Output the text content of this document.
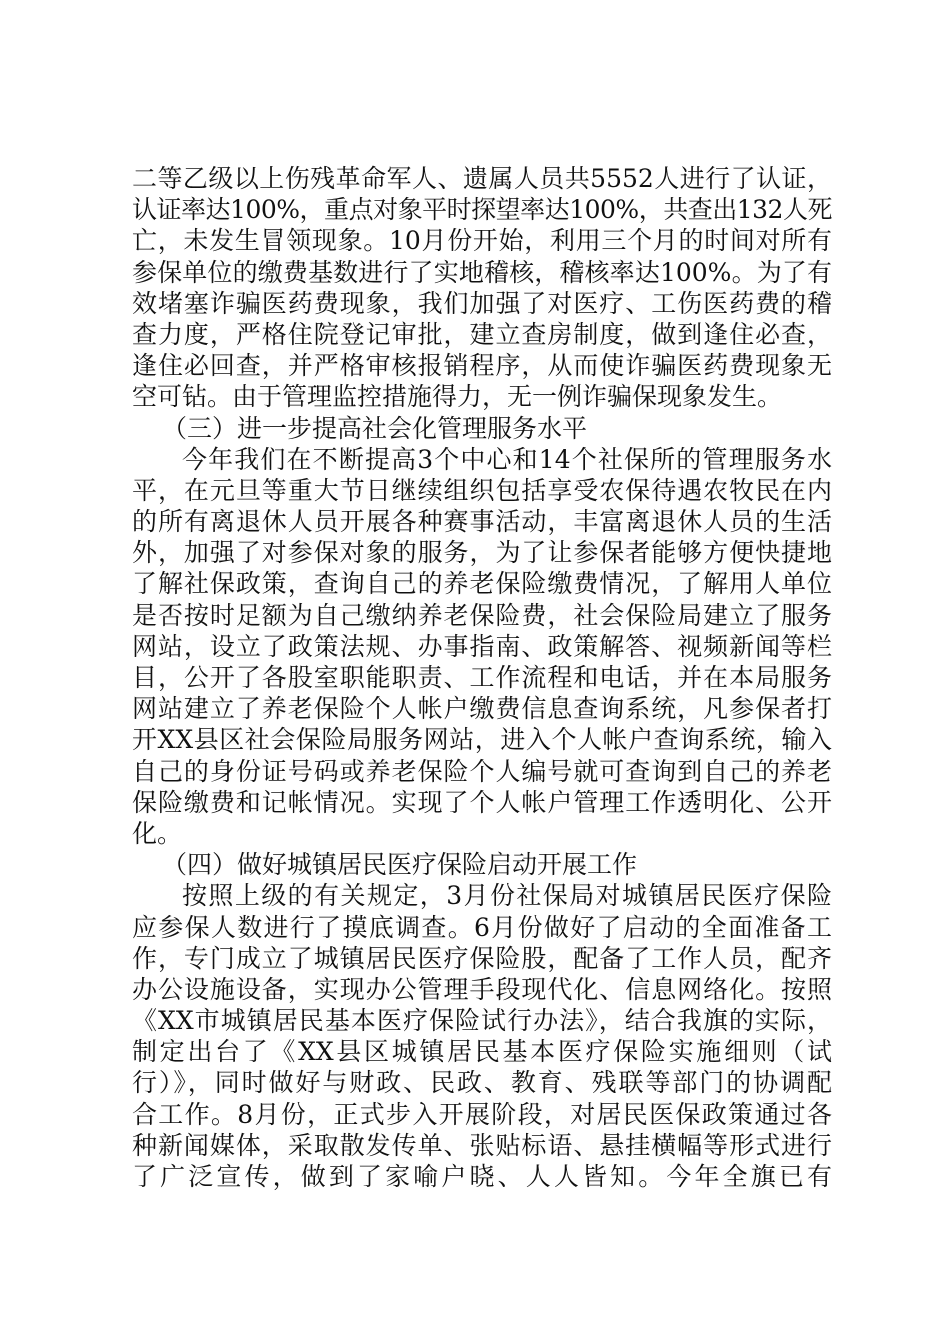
二等乙级以上伤残革命军人、遗属人员共5552人进行了认证，
认证率达100%，重点对象平时探望率达100%，共查出132人死
亡，未发生冒领现象。10月份开始，利用三个月的时间对所有
参保单位的缴费基数进行了实地稽核，稽核率达100%。为了有
效堵塞诈骗医药费现象，我们加强了对医疗、工伤医药费的稽
查力度，严格住院登记审批，建立查房制度，做到逢住必查，
逢住必回查，并严格审核报销程序，从而使诈骗医药费现象无
空可钻。由于管理监控措施得力，无一例诈骗保现象发生。
（三）进一步提高社会化管理服务水平
今年我们在不断提高3个中心和14个社保所的管理服务水
平，在元旦等重大节日继续组织包括享受农保待遇农牧民在内
的所有离退休人员开展各种赛事活动，丰富离退休人员的生活
外，加强了对参保对象的服务，为了让参保者能够方便快捷地
了解社保政策，查询自己的养老保险缴费情况，了解用人单位
是否按时足额为自己缴纳养老保险费，社会保险局建立了服务
网站，设立了政策法规、办事指南、政策解答、视频新闻等栏
目，公开了各股室职能职责、工作流程和电话，并在本局服务
网站建立了养老保险个人帐户缴费信息查询系统，凡参保者打
开XX县区社会保险局服务网站，进入个人帐户查询系统，输入
自己的身份证号码或养老保险个人编号就可查询到自己的养老
保险缴费和记帐情况。实现了个人帐户管理工作透明化、公开
化。
（四）做好城镇居民医疗保险启动开展工作
按照上级的有关规定，3月份社保局对城镇居民医疗保险
应参保人数进行了摸底调查。6月份做好了启动的全面准备工
作，专门成立了城镇居民医疗保险股，配备了工作人员，配齐
办公设施设备，实现办公管理手段现代化、信息网络化。按照
《XX市城镇居民基本医疗保险试行办法》，结合我旗的实际，
制定出台了《XX县区城镇居民基本医疗保险实施细则（试
行）》，同时做好与财政、民政、教育、残联等部门的协调配
合工作。8月份，正式步入开展阶段，对居民医保政策通过各
种新闻媒体，采取散发传单、张贴标语、悬挂横幅等形式进行
了广泛宣传，做到了家喻户晓、人人皆知。今年全旗已有
